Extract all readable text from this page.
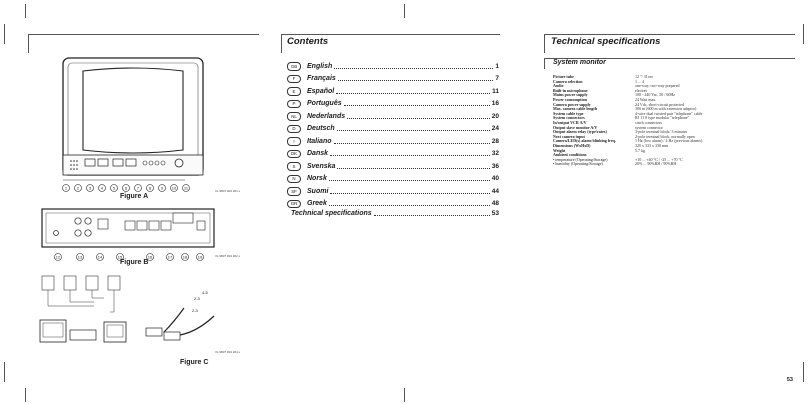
1 2 3 4 5 6 7 8 9 10 11
Figure A
XL 9807 003 201.x
12	13	14	15	16	17	18	19
Figure B
XL 9807 003 202.x
2-3
4-5
2-3
Figure C
XL 9807 003 204.x
Contents
GB	English	1
F	Français	7
E	Español	11
P	Português	16
NL	Nederlands	20
D	Deutsch	24
I	Italiano	28
DK	Dansk	32
S	Svenska	36
N	Norsk	40
SF	Suomi	44
GR	Greek	48
Technical specifications	53
Technical specifications
System monitor
Picture tube	12 "/ 31cm
Camera selection	1 ... 4
Audio	one-way, two-way prepared
Built-in microphone	electret
Mains power supply	100 - 240 Vac, 50 / 60Hz
Power consumption	24 Watt max.
Camera power supply	24 Vdc, short-circuit protected
Max. camera cable length	300 m (600 m with extension adaptor)
System cable type	4-wire dual twisted pair "telephone" cable
System connectors	RJ 11 8 type modular "telephone"
In/output VCR A/V	cinch connectors
Output slave monitor A/V	system connector
Output alarm relay (type/rates)	3-pole terminal block/ 3 minutes
Next camera input	2-pole terminal block, normally open
Camera/LED(s) alarm blinking freq.	1 Hz (low alarm) / 4 Hz (previous alarms)
Dimensions (WxHxD)	320 x 333 x 330 mm
Weight	5.7 kg
Ambient conditions
• temperature (Operating/Storage)	+10 ... +40 °C / -25 ... +70 °C
• humidity (Operating/Storage)	20% ... 90%RH / 90%RH
53
